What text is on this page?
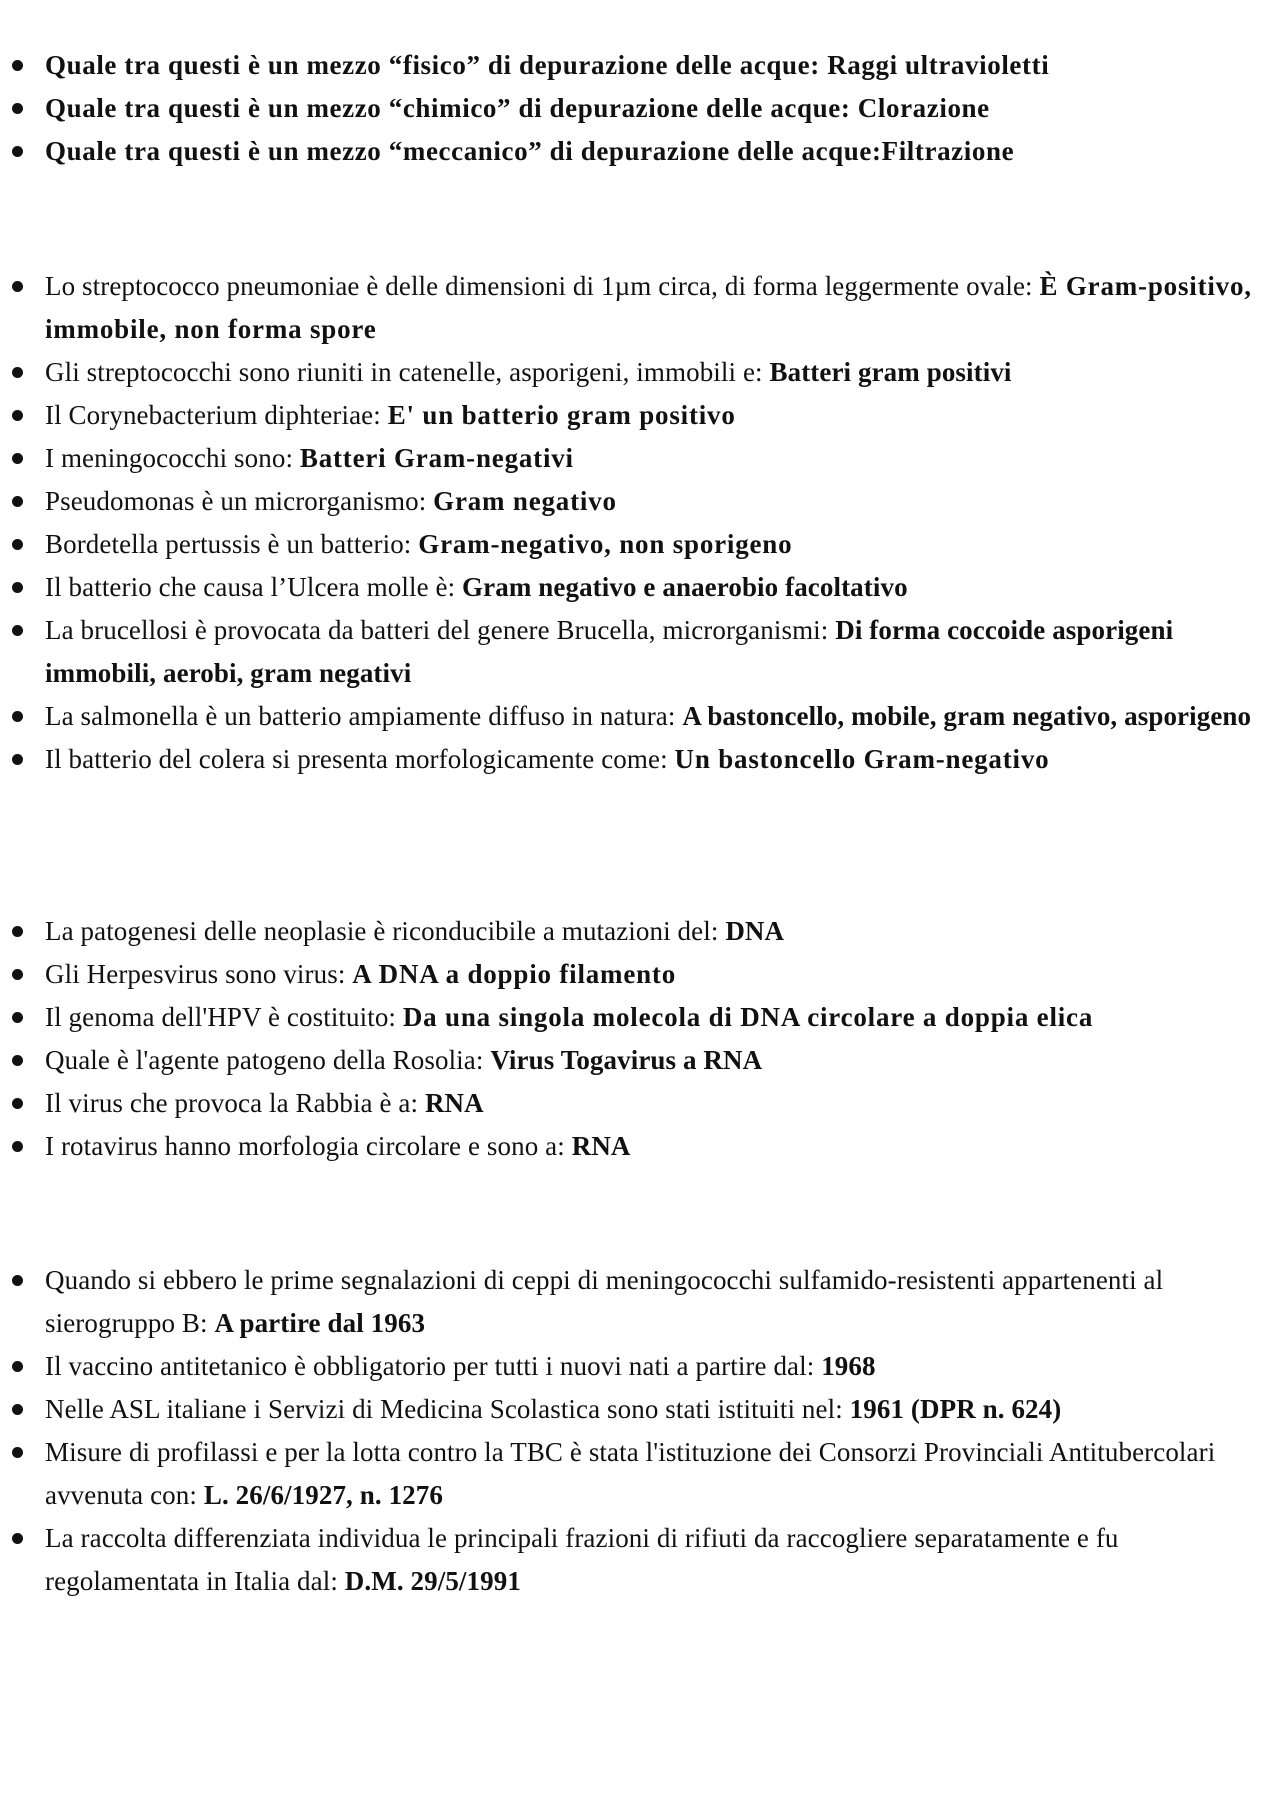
Quale tra questi è un mezzo “fisico” di depurazione delle acque: Raggi ultravioletti
Quale tra questi è un mezzo “chimico” di depurazione delle acque: Clorazione
Quale tra questi è un mezzo “meccanico” di depurazione delle acque:Filtrazione
Lo streptococco pneumoniae è delle dimensioni di 1µm circa, di forma leggermente ovale: È Gram-positivo, immobile, non forma spore
Gli streptococchi sono riuniti in catenelle, asporigeni, immobili e: Batteri gram positivi
Il Corynebacterium diphteriae: E' un batterio gram positivo
I meningococchi sono: Batteri Gram-negativi
Pseudomonas è un microrganismo: Gram negativo
Bordetella pertussis è un batterio: Gram-negativo, non sporigeno
Il batterio che causa l’Ulcera molle è: Gram negativo e anaerobio facoltativo
La brucellosi è provocata da batteri del genere Brucella, microrganismi: Di forma coccoide asporigeni immobili, aerobi, gram negativi
La salmonella è un batterio ampiamente diffuso in natura: A bastoncello, mobile, gram negativo, asporigeno
Il batterio del colera si presenta morfologicamente come: Un bastoncello Gram-negativo
La patogenesi delle neoplasie è riconducibile a mutazioni del: DNA
Gli Herpesvirus sono virus: A DNA a doppio filamento
Il genoma dell'HPV è costituito: Da una singola molecola di DNA circolare a doppia elica
Quale è l'agente patogeno della Rosolia: Virus Togavirus a RNA
Il virus che provoca la Rabbia è a: RNA
I rotavirus hanno morfologia circolare e sono a: RNA
Quando si ebbero le prime segnalazioni di ceppi di meningococchi sulfamido-resistenti appartenenti al sierogruppo B: A partire dal 1963
Il vaccino antitetanico è obbligatorio per tutti i nuovi nati a partire dal: 1968
Nelle ASL italiane i Servizi di Medicina Scolastica sono stati istituiti nel: 1961 (DPR n. 624)
Misure di profilassi e per la lotta contro la TBC è stata l'istituzione dei Consorzi Provinciali Antitubercolari avvenuta con: L. 26/6/1927, n. 1276
La raccolta differenziata individua le principali frazioni di rifiuti da raccogliere separatamente e fu regolamentata in Italia dal: D.M. 29/5/1991
